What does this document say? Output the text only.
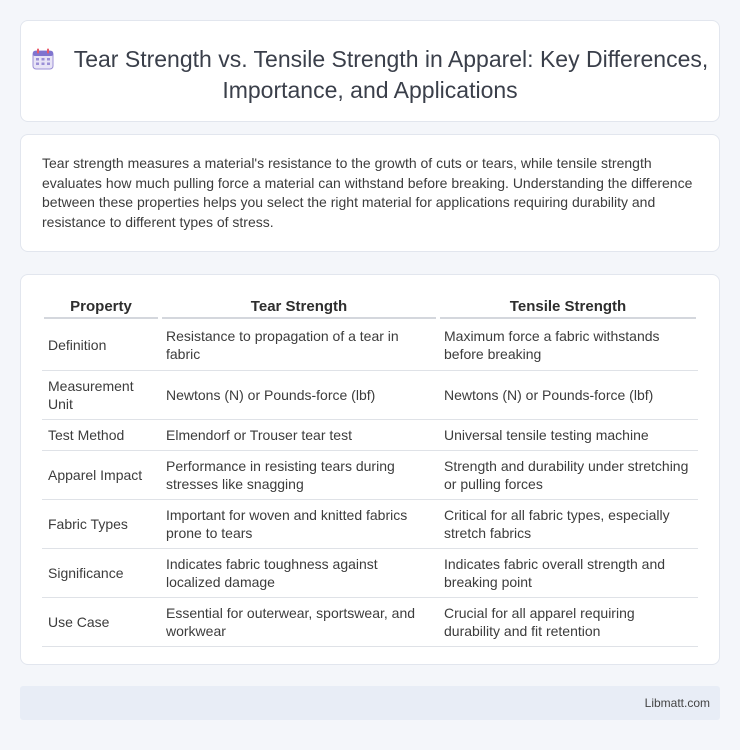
Tear Strength vs. Tensile Strength in Apparel: Key Differences, Importance, and Applications

Tear strength measures a material's resistance to the growth of cuts or tears, while tensile strength evaluates how much pulling force a material can withstand before breaking. Understanding the difference between these properties helps you select the right material for applications requiring durability and resistance to different types of stress.

Property	Tear Strength	Tensile Strength

Definition	Resistance to propagation of a tear in fabric	Maximum force a fabric withstands before breaking
Measurement Unit	Newtons (N) or Pounds-force (lbf)	Newtons (N) or Pounds-force (lbf)
Test Method	Elmendorf or Trouser tear test	Universal tensile testing machine
Apparel Impact	Performance in resisting tears during stresses like snagging	Strength and durability under stretching or pulling forces
Fabric Types	Important for woven and knitted fabrics prone to tears	Critical for all fabric types, especially stretch fabrics
Significance	Indicates fabric toughness against localized damage	Indicates fabric overall strength and breaking point
Use Case	Essential for outerwear, sportswear, and workwear	Crucial for all apparel requiring durability and fit retention
Libmatt.com
